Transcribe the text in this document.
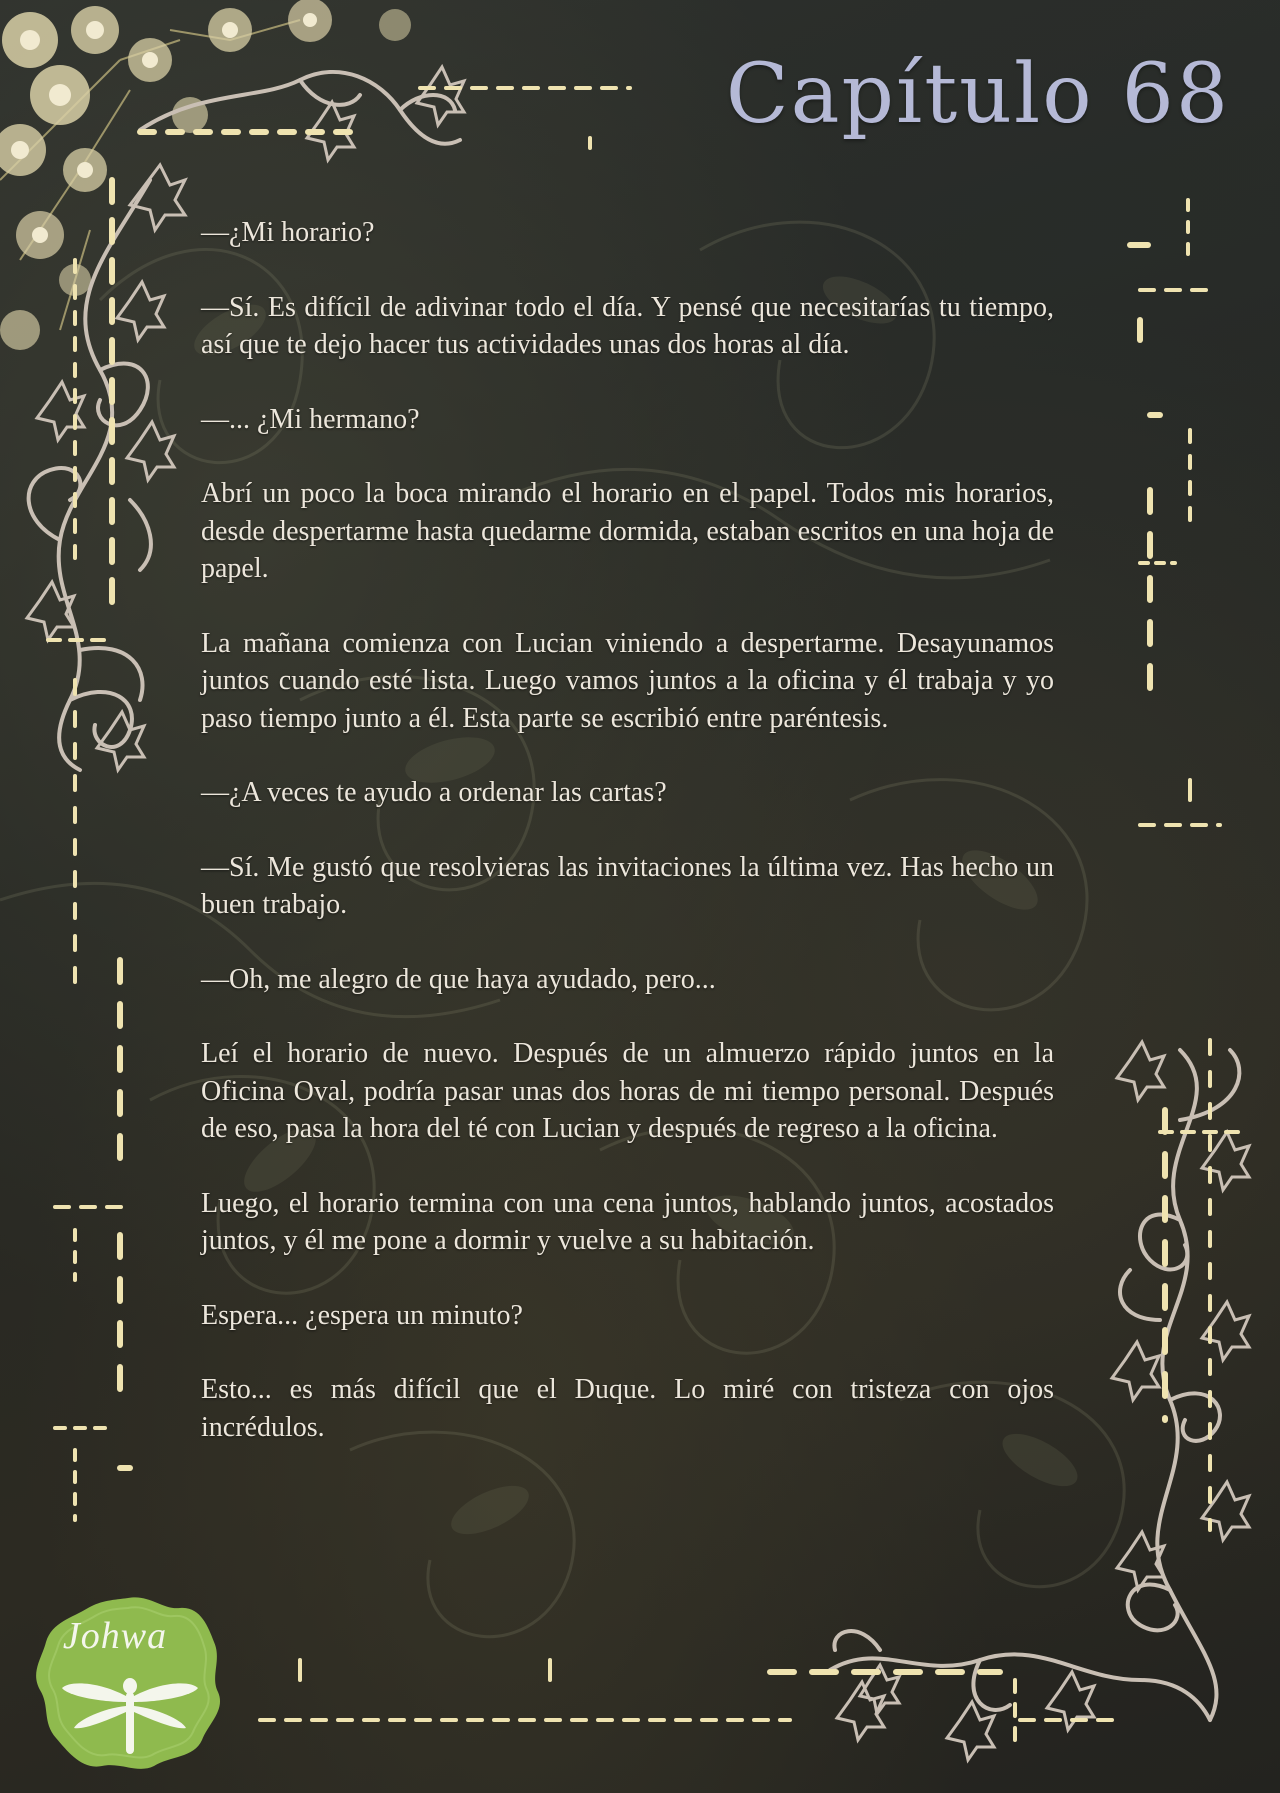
Capítulo 68

—¿Mi horario?

—Sí. Es difícil de adivinar todo el día. Y pensé que necesitarías tu tiempo, así que te dejo hacer tus actividades unas dos horas al día.

—... ¿Mi hermano?

Abrí un poco la boca mirando el horario en el papel. Todos mis horarios, desde despertarme hasta quedarme dormida, estaban escritos en una hoja de papel.

La mañana comienza con Lucian viniendo a despertarme. Desayunamos juntos cuando esté lista. Luego vamos juntos a la oficina y él trabaja y yo paso tiempo junto a él. Esta parte se escribió entre paréntesis.

—¿A veces te ayudo a ordenar las cartas?

—Sí. Me gustó que resolvieras las invitaciones la última vez. Has hecho un buen trabajo.

—Oh, me alegro de que haya ayudado, pero...

Leí el horario de nuevo. Después de un almuerzo rápido juntos en la Oficina Oval, podría pasar unas dos horas de mi tiempo personal. Después de eso, pasa la hora del té con Lucian y después de regreso a la oficina.

Luego, el horario termina con una cena juntos, hablando juntos, acostados juntos, y él me pone a dormir y vuelve a su habitación.

Espera... ¿espera un minuto?

Esto... es más difícil que el Duque. Lo miré con tristeza con ojos incrédulos.

Johwa
